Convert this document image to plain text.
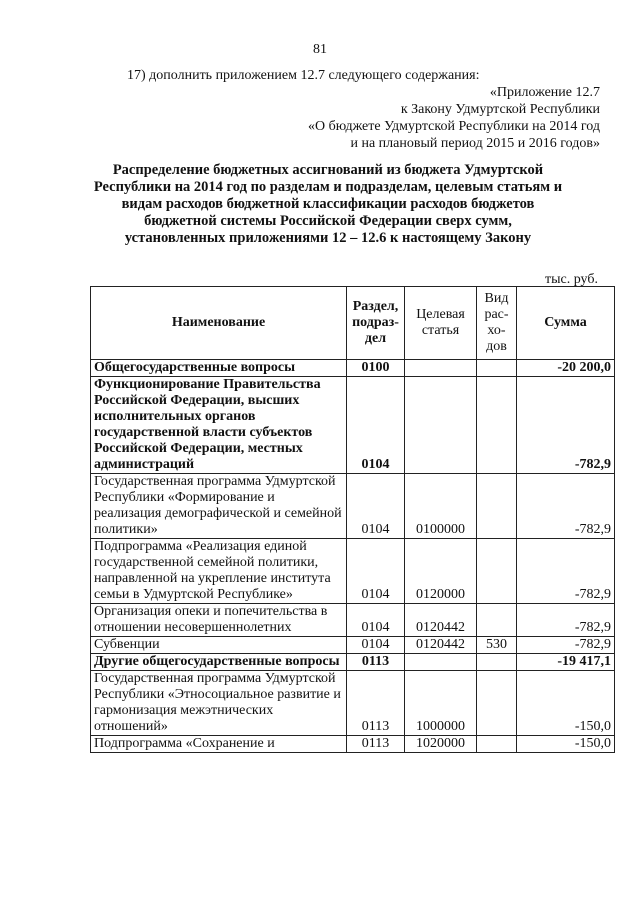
81
17) дополнить приложением 12.7 следующего содержания:
«Приложение 12.7
к Закону Удмуртской Республики
«О бюджете Удмуртской Республики на 2014 год
и на плановый период 2015 и 2016 годов»
Распределение бюджетных ассигнований из бюджета Удмуртской
Республики на 2014 год по разделам и подразделам, целевым статьям и
видам расходов бюджетной классификации расходов бюджетов
бюджетной системы Российской Федерации сверх сумм,
установленных приложениями 12 – 12.6 к настоящему Закону
тыс. руб.
Наименование	Раздел, подраз-дел	Целевая статья	Вид рас-хо-дов	Сумма
Общегосударственные вопросы	0100			-20 200,0
Функционирование Правительства Российской Федерации, высших исполнительных органов государственной власти субъектов Российской Федерации, местных администраций	0104			-782,9
Государственная программа Удмуртской Республики «Формирование и реализация демографической и семейной политики»	0104	0100000		-782,9
Подпрограмма «Реализация единой государственной семейной политики, направленной на укрепление института семьи в Удмуртской Республике»	0104	0120000		-782,9
Организация опеки и попечительства в отношении несовершеннолетних	0104	0120442		-782,9
Субвенции	0104	0120442	530	-782,9
Другие общегосударственные вопросы	0113			-19 417,1
Государственная программа Удмуртской Республики «Этносоциальное развитие и гармонизация межэтнических отношений»	0113	1000000		-150,0
Подпрограмма «Сохранение и	0113	1020000		-150,0
